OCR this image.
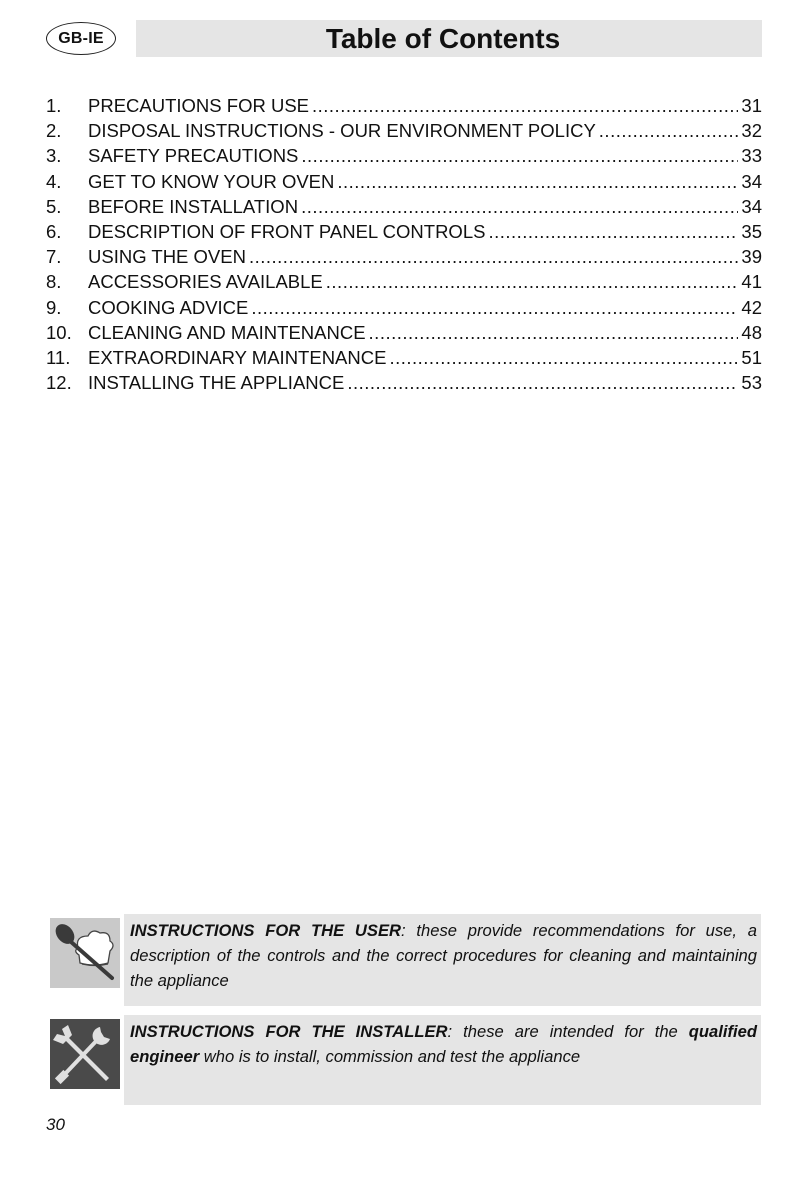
GB-IE	Table of Contents
1.	PRECAUTIONS FOR USE .....	31
2.	DISPOSAL INSTRUCTIONS - OUR ENVIRONMENT POLICY .....	32
3.	SAFETY PRECAUTIONS .....	33
4.	GET TO KNOW YOUR OVEN .....	34
5.	BEFORE INSTALLATION .....	34
6.	DESCRIPTION OF FRONT PANEL CONTROLS .....	35
7.	USING THE OVEN .....	39
8.	ACCESSORIES AVAILABLE .....	41
9.	COOKING ADVICE .....	42
10. CLEANING AND MAINTENANCE .....	48
11. EXTRAORDINARY MAINTENANCE .....	51
12. INSTALLING THE APPLIANCE .....	53
INSTRUCTIONS FOR THE USER: these provide recommendations for use, a description of the controls and the correct procedures for cleaning and maintaining the appliance
INSTRUCTIONS FOR THE INSTALLER: these are intended for the qualified engineer who is to install, commission and test the appliance
30
